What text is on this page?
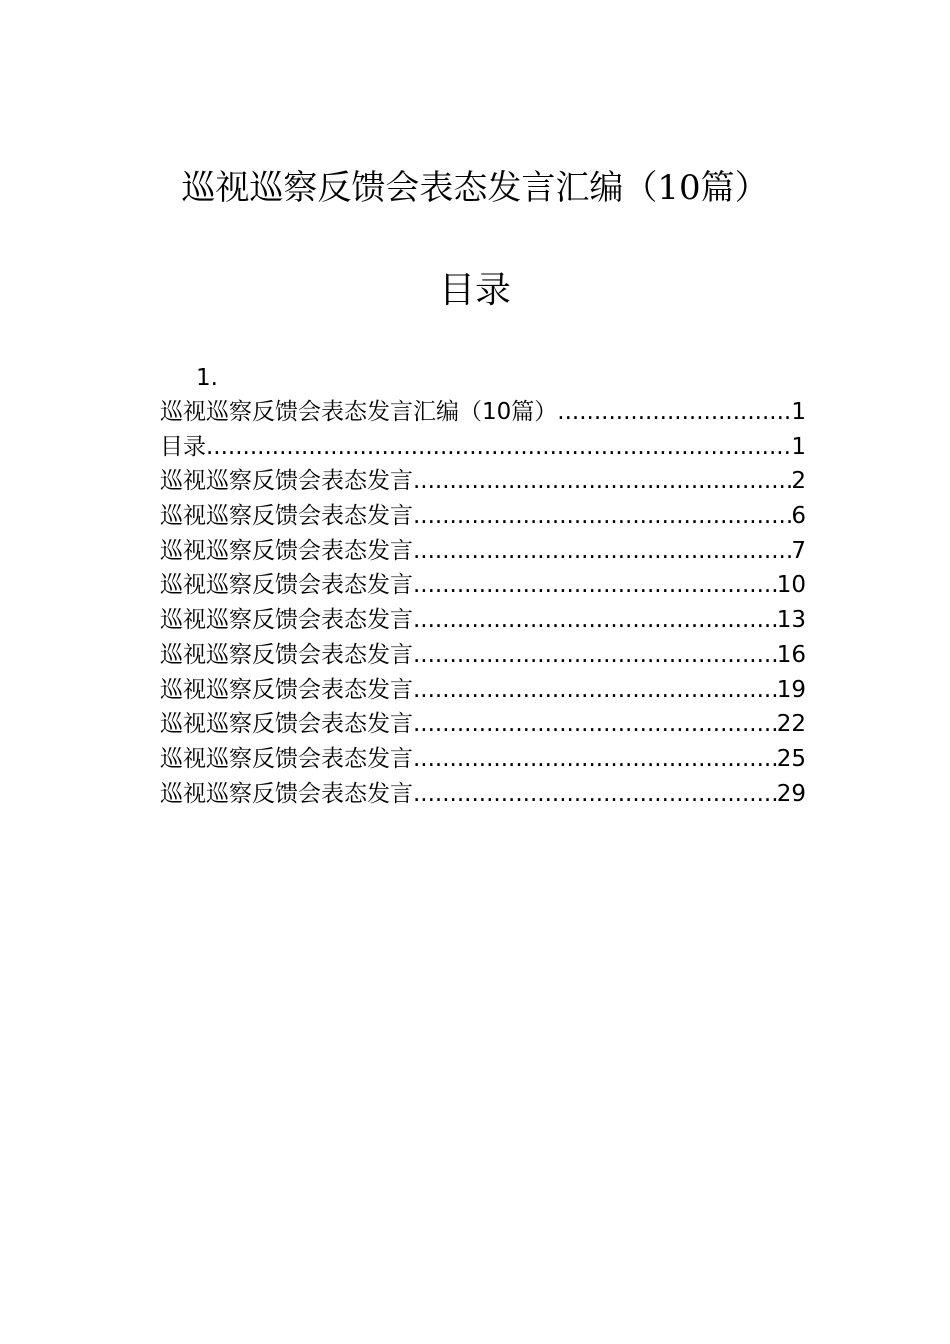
巡视巡察反馈会表态发言汇编（10篇）
目录
1.
巡视巡察反馈会表态发言汇编（10篇） .....	1
目录 .....	1
巡视巡察反馈会表态发言 .....	2
巡视巡察反馈会表态发言 .....	6
巡视巡察反馈会表态发言 .....	7
巡视巡察反馈会表态发言 .....	10
巡视巡察反馈会表态发言 .....	13
巡视巡察反馈会表态发言 .....	16
巡视巡察反馈会表态发言 .....	19
巡视巡察反馈会表态发言 .....	22
巡视巡察反馈会表态发言 .....	25
巡视巡察反馈会表态发言 .....	29
